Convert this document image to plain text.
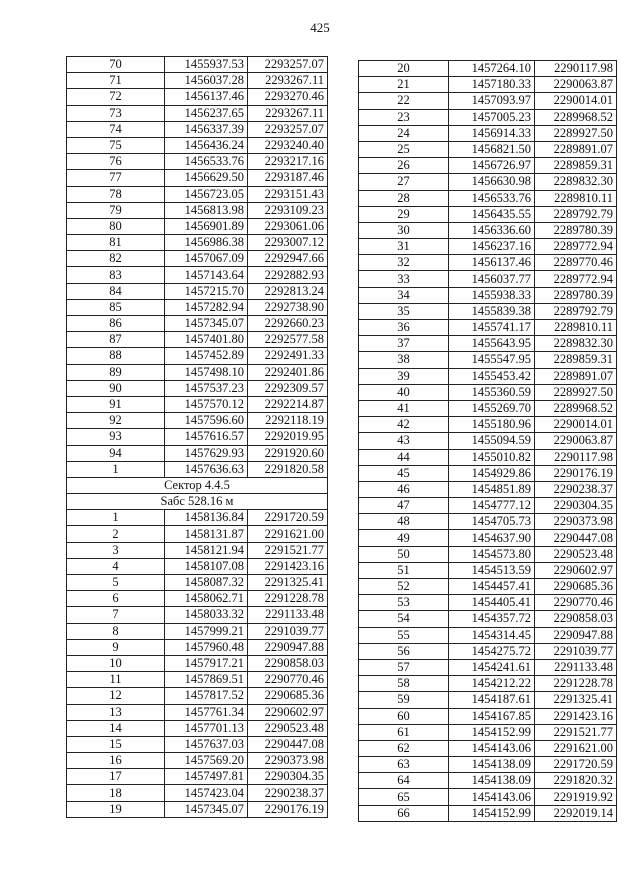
425
70	1455937.53	2293257.07
71	1456037.28	2293267.11
72	1456137.46	2293270.46
73	1456237.65	2293267.11
74	1456337.39	2293257.07
75	1456436.24	2293240.40
76	1456533.76	2293217.16
77	1456629.50	2293187.46
78	1456723.05	2293151.43
79	1456813.98	2293109.23
80	1456901.89	2293061.06
81	1456986.38	2293007.12
82	1457067.09	2292947.66
83	1457143.64	2292882.93
84	1457215.70	2292813.24
85	1457282.94	2292738.90
86	1457345.07	2292660.23
87	1457401.80	2292577.58
88	1457452.89	2292491.33
89	1457498.10	2292401.86
90	1457537.23	2292309.57
91	1457570.12	2292214.87
92	1457596.60	2292118.19
93	1457616.57	2292019.95
94	1457629.93	2291920.60
1	1457636.63	2291820.58
Сектор 4.4.5		
Sабс 528.16 м		
1	1458136.84	2291720.59
2	1458131.87	2291621.00
3	1458121.94	2291521.77
4	1458107.08	2291423.16
5	1458087.32	2291325.41
6	1458062.71	2291228.78
7	1458033.32	2291133.48
8	1457999.21	2291039.77
9	1457960.48	2290947.88
10	1457917.21	2290858.03
11	1457869.51	2290770.46
12	1457817.52	2290685.36
13	1457761.34	2290602.97
14	1457701.13	2290523.48
15	1457637.03	2290447.08
16	1457569.20	2290373.98
17	1457497.81	2290304.35
18	1457423.04	2290238.37
19	1457345.07	2290176.19
20	1457264.10	2290117.98
21	1457180.33	2290063.87
22	1457093.97	2290014.01
23	1457005.23	2289968.52
24	1456914.33	2289927.50
25	1456821.50	2289891.07
26	1456726.97	2289859.31
27	1456630.98	2289832.30
28	1456533.76	2289810.11
29	1456435.55	2289792.79
30	1456336.60	2289780.39
31	1456237.16	2289772.94
32	1456137.46	2289770.46
33	1456037.77	2289772.94
34	1455938.33	2289780.39
35	1455839.38	2289792.79
36	1455741.17	2289810.11
37	1455643.95	2289832.30
38	1455547.95	2289859.31
39	1455453.42	2289891.07
40	1455360.59	2289927.50
41	1455269.70	2289968.52
42	1455180.96	2290014.01
43	1455094.59	2290063.87
44	1455010.82	2290117.98
45	1454929.86	2290176.19
46	1454851.89	2290238.37
47	1454777.12	2290304.35
48	1454705.73	2290373.98
49	1454637.90	2290447.08
50	1454573.80	2290523.48
51	1454513.59	2290602.97
52	1454457.41	2290685.36
53	1454405.41	2290770.46
54	1454357.72	2290858.03
55	1454314.45	2290947.88
56	1454275.72	2291039.77
57	1454241.61	2291133.48
58	1454212.22	2291228.78
59	1454187.61	2291325.41
60	1454167.85	2291423.16
61	1454152.99	2291521.77
62	1454143.06	2291621.00
63	1454138.09	2291720.59
64	1454138.09	2291820.32
65	1454143.06	2291919.92
66	1454152.99	2292019.14
